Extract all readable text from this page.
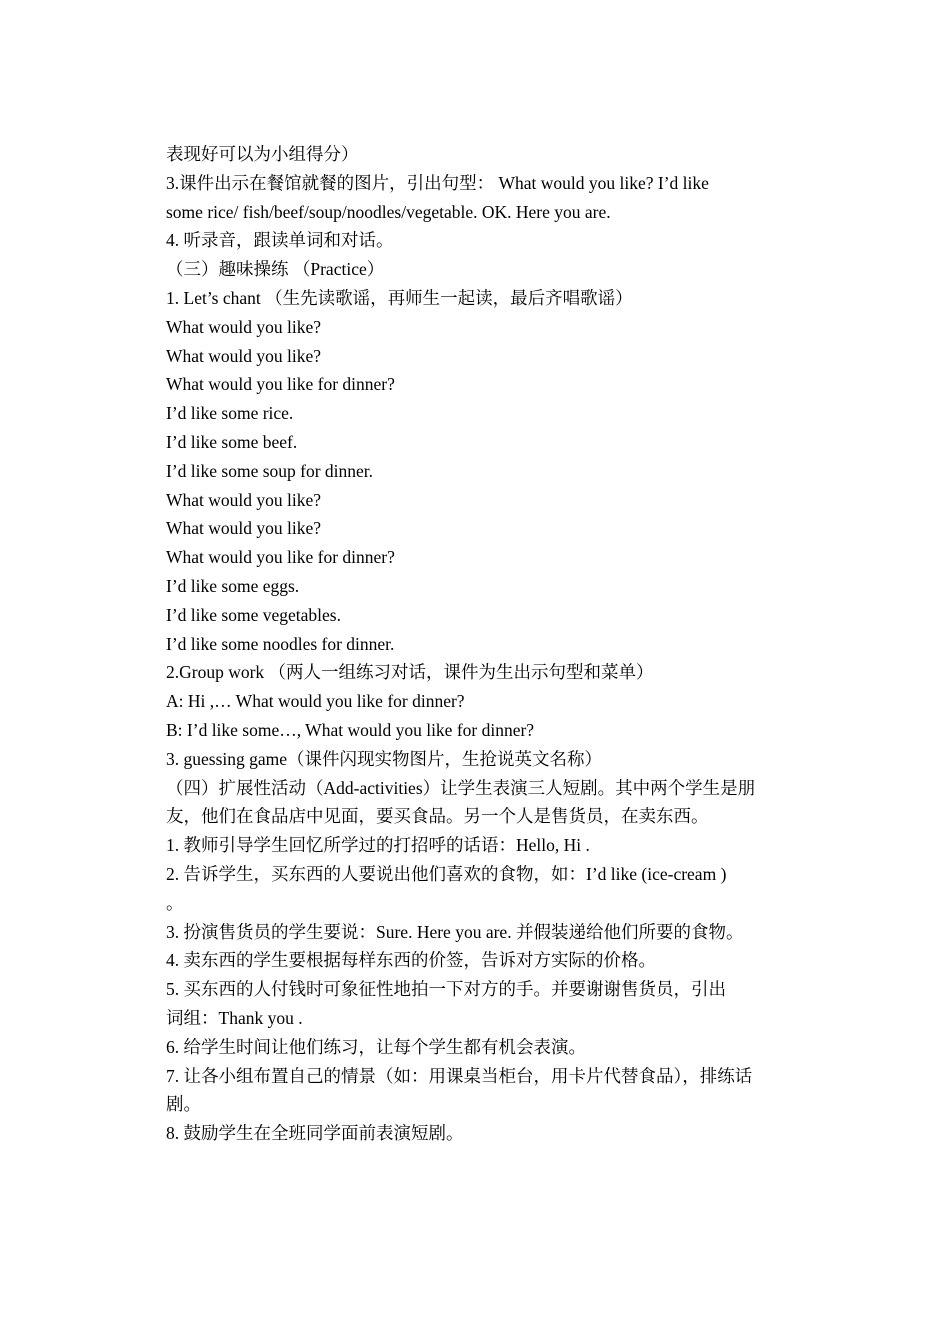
表现好可以为小组得分）
3.课件出示在餐馆就餐的图片，引出句型： What would you like? I’d like
some rice/ fish/beef/soup/noodles/vegetable. OK. Here you are.
4. 听录音，跟读单词和对话。
（三）趣味操练 （Practice）
1. Let’s chant （生先读歌谣，再师生一起读，最后齐唱歌谣）
What would you like?
What would you like?
What would you like for dinner?
I’d like some rice.
I’d like some beef.
I’d like some soup for dinner.
What would you like?
What would you like?
What would you like for dinner?
I’d like some eggs.
I’d like some vegetables.
I’d like some noodles for dinner.
2.Group work （两人一组练习对话，课件为生出示句型和菜单）
A: Hi ,… What would you like for dinner?
B: I’d like some…, What would you like for dinner?
3. guessing game（课件闪现实物图片，生抢说英文名称）
（四）扩展性活动（Add-activities）让学生表演三人短剧。其中两个学生是朋
友，他们在食品店中见面，要买食品。另一个人是售货员，在卖东西。
1. 教师引导学生回忆所学过的打招呼的话语：Hello, Hi .
2. 告诉学生，买东西的人要说出他们喜欢的食物，如：I’d like (ice-cream )
。
3. 扮演售货员的学生要说：Sure. Here you are. 并假装递给他们所要的食物。
4. 卖东西的学生要根据每样东西的价签，告诉对方实际的价格。
5. 买东西的人付钱时可象征性地拍一下对方的手。并要谢谢售货员，引出
词组：Thank you .
6. 给学生时间让他们练习，让每个学生都有机会表演。
7. 让各小组布置自己的情景（如：用课桌当柜台，用卡片代替食品），排练话
剧。
8. 鼓励学生在全班同学面前表演短剧。
